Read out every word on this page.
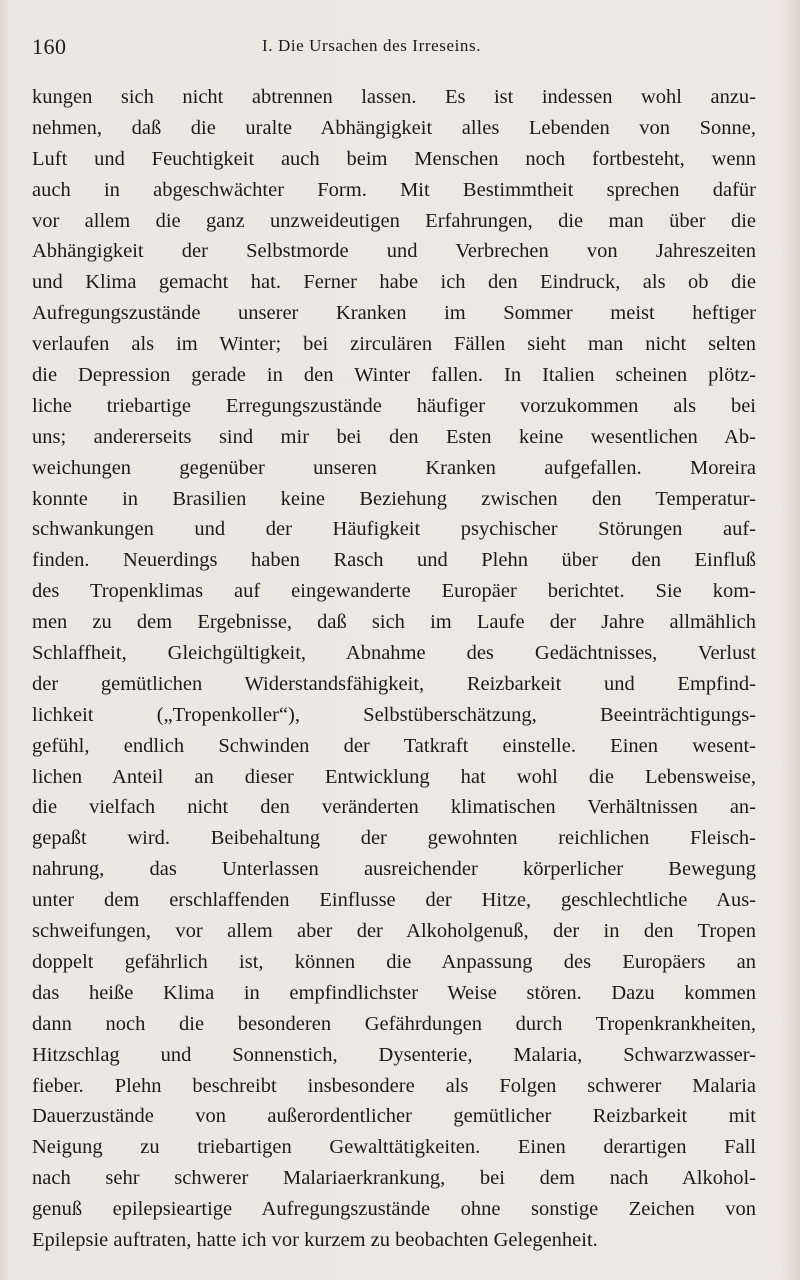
160	I. Die Ursachen des Irreseins.
kungen sich nicht abtrennen lassen. Es ist indessen wohl anzu-
nehmen, daß die uralte Abhängigkeit alles Lebenden von Sonne,
Luft und Feuchtigkeit auch beim Menschen noch fortbesteht, wenn
auch in abgeschwächter Form. Mit Bestimmtheit sprechen dafür
vor allem die ganz unzweideutigen Erfahrungen, die man über die
Abhängigkeit der Selbstmorde und Verbrechen von Jahreszeiten
und Klima gemacht hat. Ferner habe ich den Eindruck, als ob die
Aufregungszustände unserer Kranken im Sommer meist heftiger
verlaufen als im Winter; bei zirculären Fällen sieht man nicht selten
die Depression gerade in den Winter fallen. In Italien scheinen plötz-
liche triebartige Erregungszustände häufiger vorzukommen als bei
uns; andererseits sind mir bei den Esten keine wesentlichen Ab-
weichungen gegenüber unseren Kranken aufgefallen. Moreira
konnte in Brasilien keine Beziehung zwischen den Temperatur-
schwankungen und der Häufigkeit psychischer Störungen auf-
finden. Neuerdings haben Rasch und Plehn über den Einfluß
des Tropenklimas auf eingewanderte Europäer berichtet. Sie kom-
men zu dem Ergebnisse, daß sich im Laufe der Jahre allmählich
Schlaffheit, Gleichgültigkeit, Abnahme des Gedächtnisses, Verlust
der gemütlichen Widerstandsfähigkeit, Reizbarkeit und Empfind-
lichkeit („Tropenkoller“), Selbstüberschätzung, Beeinträchtigungs-
gefühl, endlich Schwinden der Tatkraft einstelle. Einen wesent-
lichen Anteil an dieser Entwicklung hat wohl die Lebensweise,
die vielfach nicht den veränderten klimatischen Verhältnissen an-
gepaßt wird. Beibehaltung der gewohnten reichlichen Fleisch-
nahrung, das Unterlassen ausreichender körperlicher Bewegung
unter dem erschlaffenden Einflusse der Hitze, geschlechtliche Aus-
schweifungen, vor allem aber der Alkoholgenuß, der in den Tropen
doppelt gefährlich ist, können die Anpassung des Europäers an
das heiße Klima in empfindlichster Weise stören. Dazu kommen
dann noch die besonderen Gefährdungen durch Tropenkrankheiten,
Hitzschlag und Sonnenstich, Dysenterie, Malaria, Schwarzwasser-
fieber. Plehn beschreibt insbesondere als Folgen schwerer Malaria
Dauerzustände von außerordentlicher gemütlicher Reizbarkeit mit
Neigung zu triebartigen Gewalttätigkeiten. Einen derartigen Fall
nach sehr schwerer Malariaerkrankung, bei dem nach Alkohol-
genuß epilepsieartige Aufregungszustände ohne sonstige Zeichen von
Epilepsie auftraten, hatte ich vor kurzem zu beobachten Gelegenheit.
